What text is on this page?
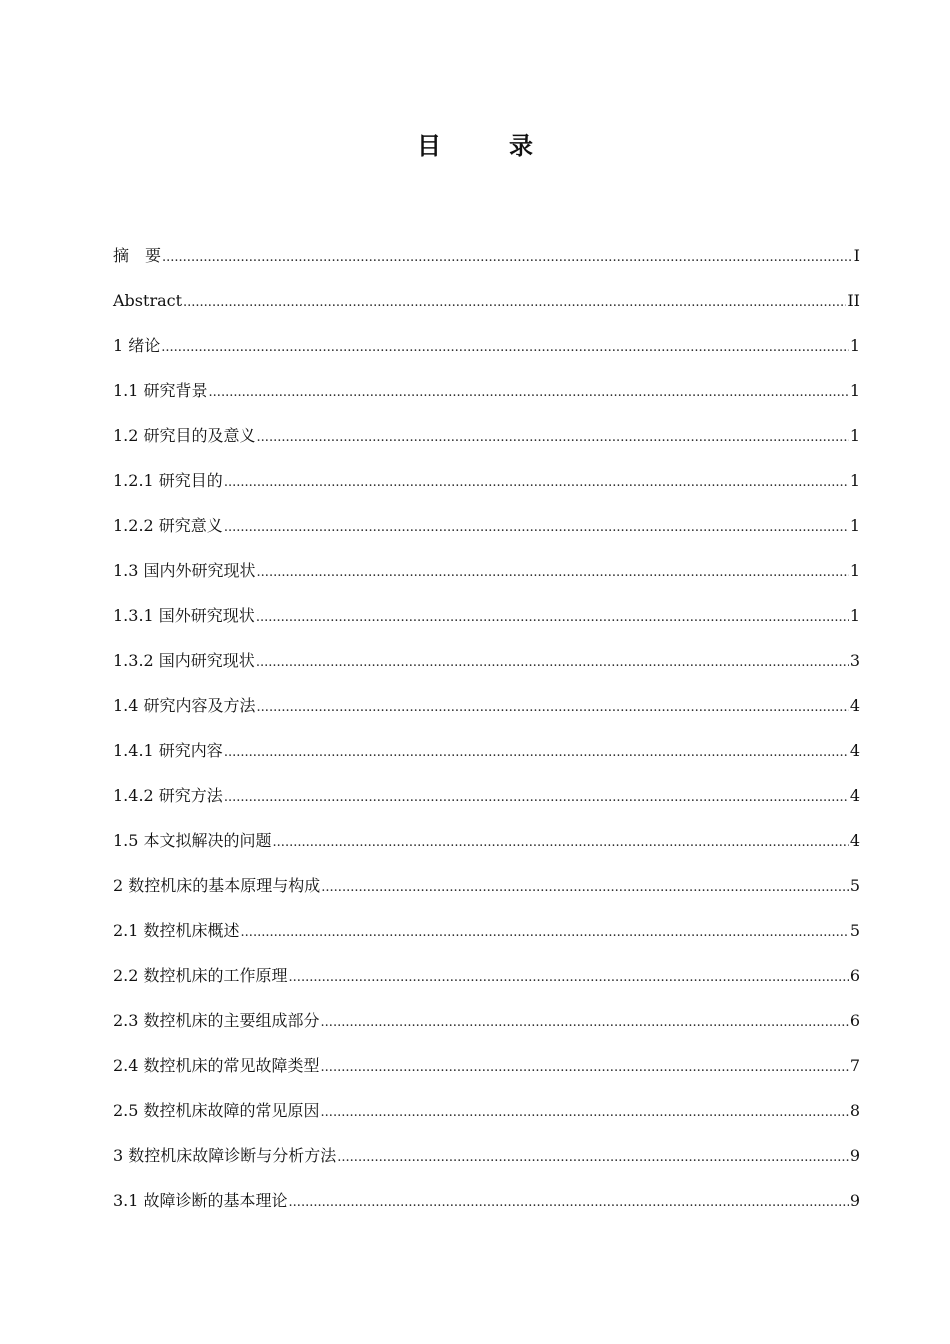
目　录
摘　要 .....	I
Abstract .....	II
1 绪论 .....	1
1.1 研究背景 .....	1
1.2 研究目的及意义 .....	1
1.2.1 研究目的 .....	1
1.2.2 研究意义 .....	1
1.3 国内外研究现状 .....	1
1.3.1 国外研究现状 .....	1
1.3.2 国内研究现状 .....	3
1.4 研究内容及方法 .....	4
1.4.1 研究内容 .....	4
1.4.2 研究方法 .....	4
1.5 本文拟解决的问题 .....	4
2 数控机床的基本原理与构成 .....	5
2.1 数控机床概述 .....	5
2.2 数控机床的工作原理 .....	6
2.3 数控机床的主要组成部分 .....	6
2.4 数控机床的常见故障类型 .....	7
2.5 数控机床故障的常见原因 .....	8
3 数控机床故障诊断与分析方法 .....	9
3.1 故障诊断的基本理论 .....	9
